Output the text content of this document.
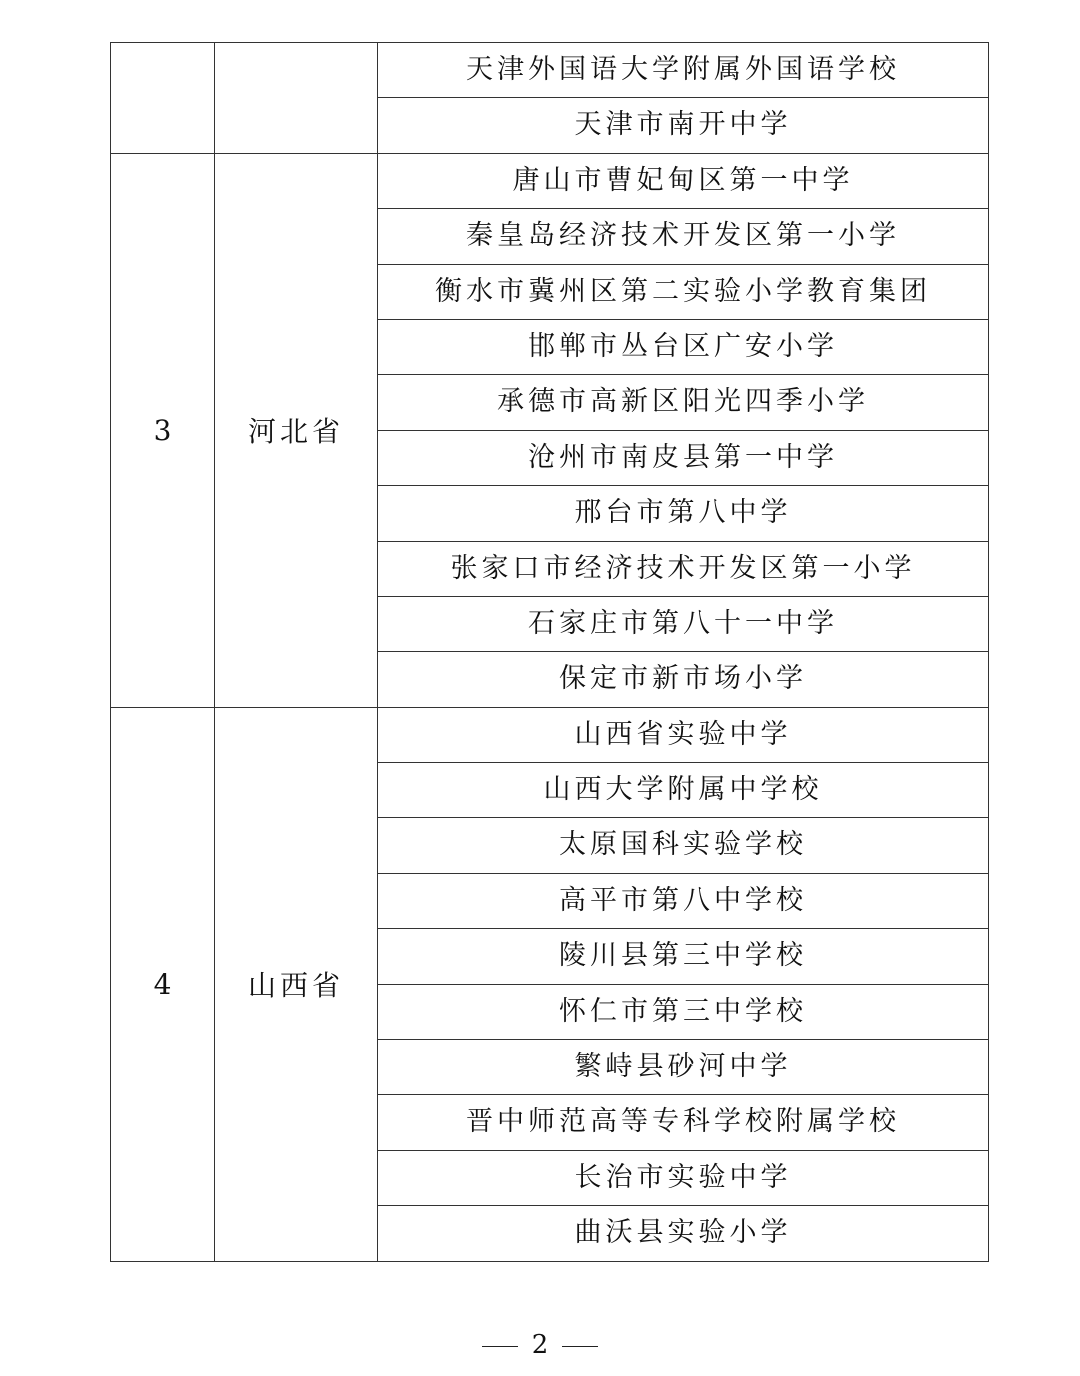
		天津外国语大学附属外国语学校

		天津市南开中学

3	河北省	唐山市曹妃甸区第一中学

		秦皇岛经济技术开发区第一小学

		衡水市冀州区第二实验小学教育集团

		邯郸市丛台区广安小学

		承德市高新区阳光四季小学

		沧州市南皮县第一中学

		邢台市第八中学

		张家口市经济技术开发区第一小学

		石家庄市第八十一中学

		保定市新市场小学

4	山西省	山西省实验中学

		山西大学附属中学校

		太原国科实验学校

		高平市第八中学校

		陵川县第三中学校

		怀仁市第三中学校

		繁峙县砂河中学

		晋中师范高等专科学校附属学校

		长治市实验中学

		曲沃县实验小学
2
